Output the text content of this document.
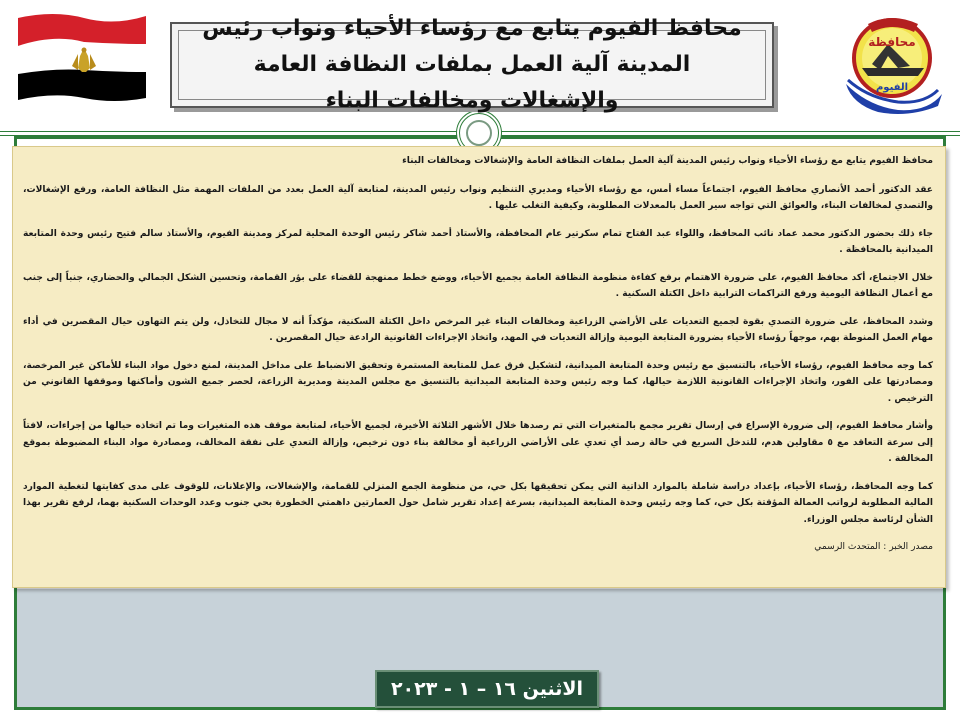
محافظة
الفيوم
محافظ الفيوم يتابع مع رؤساء الأحياء ونواب رئيس المدينة آلية العمل بملفات النظافة العامة والإشغالات ومخالفات البناء

محافظ الفيوم يتابع مع رؤساء الأحياء ونواب رئيس المدينة آلية العمل بملفات النظافة العامة والإشغالات ومخالفات البناء

عقد الدكتور أحمد الأنصاري محافظ الفيوم، اجتماعاً مساء أمس، مع رؤساء الأحياء ومديري التنظيم ونواب رئيس المدينة، لمتابعة آلية العمل بعدد من الملفات المهمة مثل النظافة العامة، ورفع الإشغالات، والتصدي لمخالفات البناء، والعوائق التي تواجه سير العمل بالمعدلات المطلوبة، وكيفية التغلب عليها .

جاء ذلك بحضور الدكتور محمد عماد نائب المحافظ، واللواء عبد الفتاح تمام سكرتير عام المحافظة، والأستاذ أحمد شاكر رئيس الوحدة المحلية لمركز ومدينة الفيوم، والأستاذ سالم فتيح رئيس وحدة المتابعة الميدانية بالمحافظة .

خلال الاجتماع، أكد محافظ الفيوم، على ضرورة الاهتمام برفع كفاءة منظومة النظافة العامة بجميع الأحياء، ووضع خطط ممنهجة للقضاء على بؤر القمامة، وتحسين الشكل الجمالي والحضاري، جنباً إلى جنب مع أعمال النظافة اليومية ورفع التراكمات الترابية داخل الكتلة السكنية .

وشدد المحافظ، على ضرورة التصدي بقوة لجميع التعديات على الأراضي الزراعية ومخالفات البناء غير المرخص داخل الكتلة السكنية، مؤكداً أنه لا مجال للتخاذل، ولن يتم التهاون حيال المقصرين في أداء مهام العمل المنوطة بهم، موجهاً رؤساء الأحياء بضرورة المتابعة اليومية وإزالة التعديات في المهد، واتخاذ الإجراءات القانونية الرادعة حيال المقصرين .

كما وجه محافظ الفيوم، رؤساء الأحياء، بالتنسيق مع رئيس وحدة المتابعة الميدانية، لتشكيل فرق عمل للمتابعة المستمرة وتحقيق الانضباط على مداخل المدينة، لمنع دخول مواد البناء للأماكن غير المرخصة، ومصادرتها على الفور، واتخاذ الإجراءات القانونية اللازمة حيالها، كما وجه رئيس وحدة المتابعة الميدانية بالتنسيق مع مجلس المدينة ومديرية الزراعة، لحصر جميع الشون وأماكنها وموقفها القانوني من الترخيص .

وأشار محافظ الفيوم، إلى ضرورة الإسراع في إرسال تقرير مجمع بالمتغيرات التي تم رصدها خلال الأشهر الثلاثة الأخيرة، لجميع الأحياء، لمتابعة موقف هذه المتغيرات وما تم اتخاذه حيالها من إجراءات، لافتاً إلى سرعة التعاقد مع ٥ مقاولين هدم، للتدخل السريع في حالة رصد أي تعدي على الأراضي الزراعية أو مخالفة بناء دون ترخيص، وإزالة التعدي على نفقة المخالف، ومصادرة مواد البناء المضبوطة بموقع المخالفة .

كما وجه المحافظ، رؤساء الأحياء، بإعداد دراسة شاملة بالموارد الذاتية التي يمكن تحقيقها بكل حي، من منظومة الجمع المنزلي للقمامة، والإشغالات، والإعلانات، للوقوف على مدى كفايتها لتغطية الموارد المالية المطلوبة لرواتب العمالة المؤقتة بكل حي، كما وجه رئيس وحدة المتابعة الميدانية، بسرعة إعداد تقرير شامل حول العمارتين داهمتي الخطورة بحي جنوب وعدد الوحدات السكنية بهما، لرفع تقرير بهذا الشأن لرئاسة مجلس الوزراء.

مصدر الخبر : المتحدث الرسمي

الاثنين ١٦ – ١ - ٢٠٢٣
